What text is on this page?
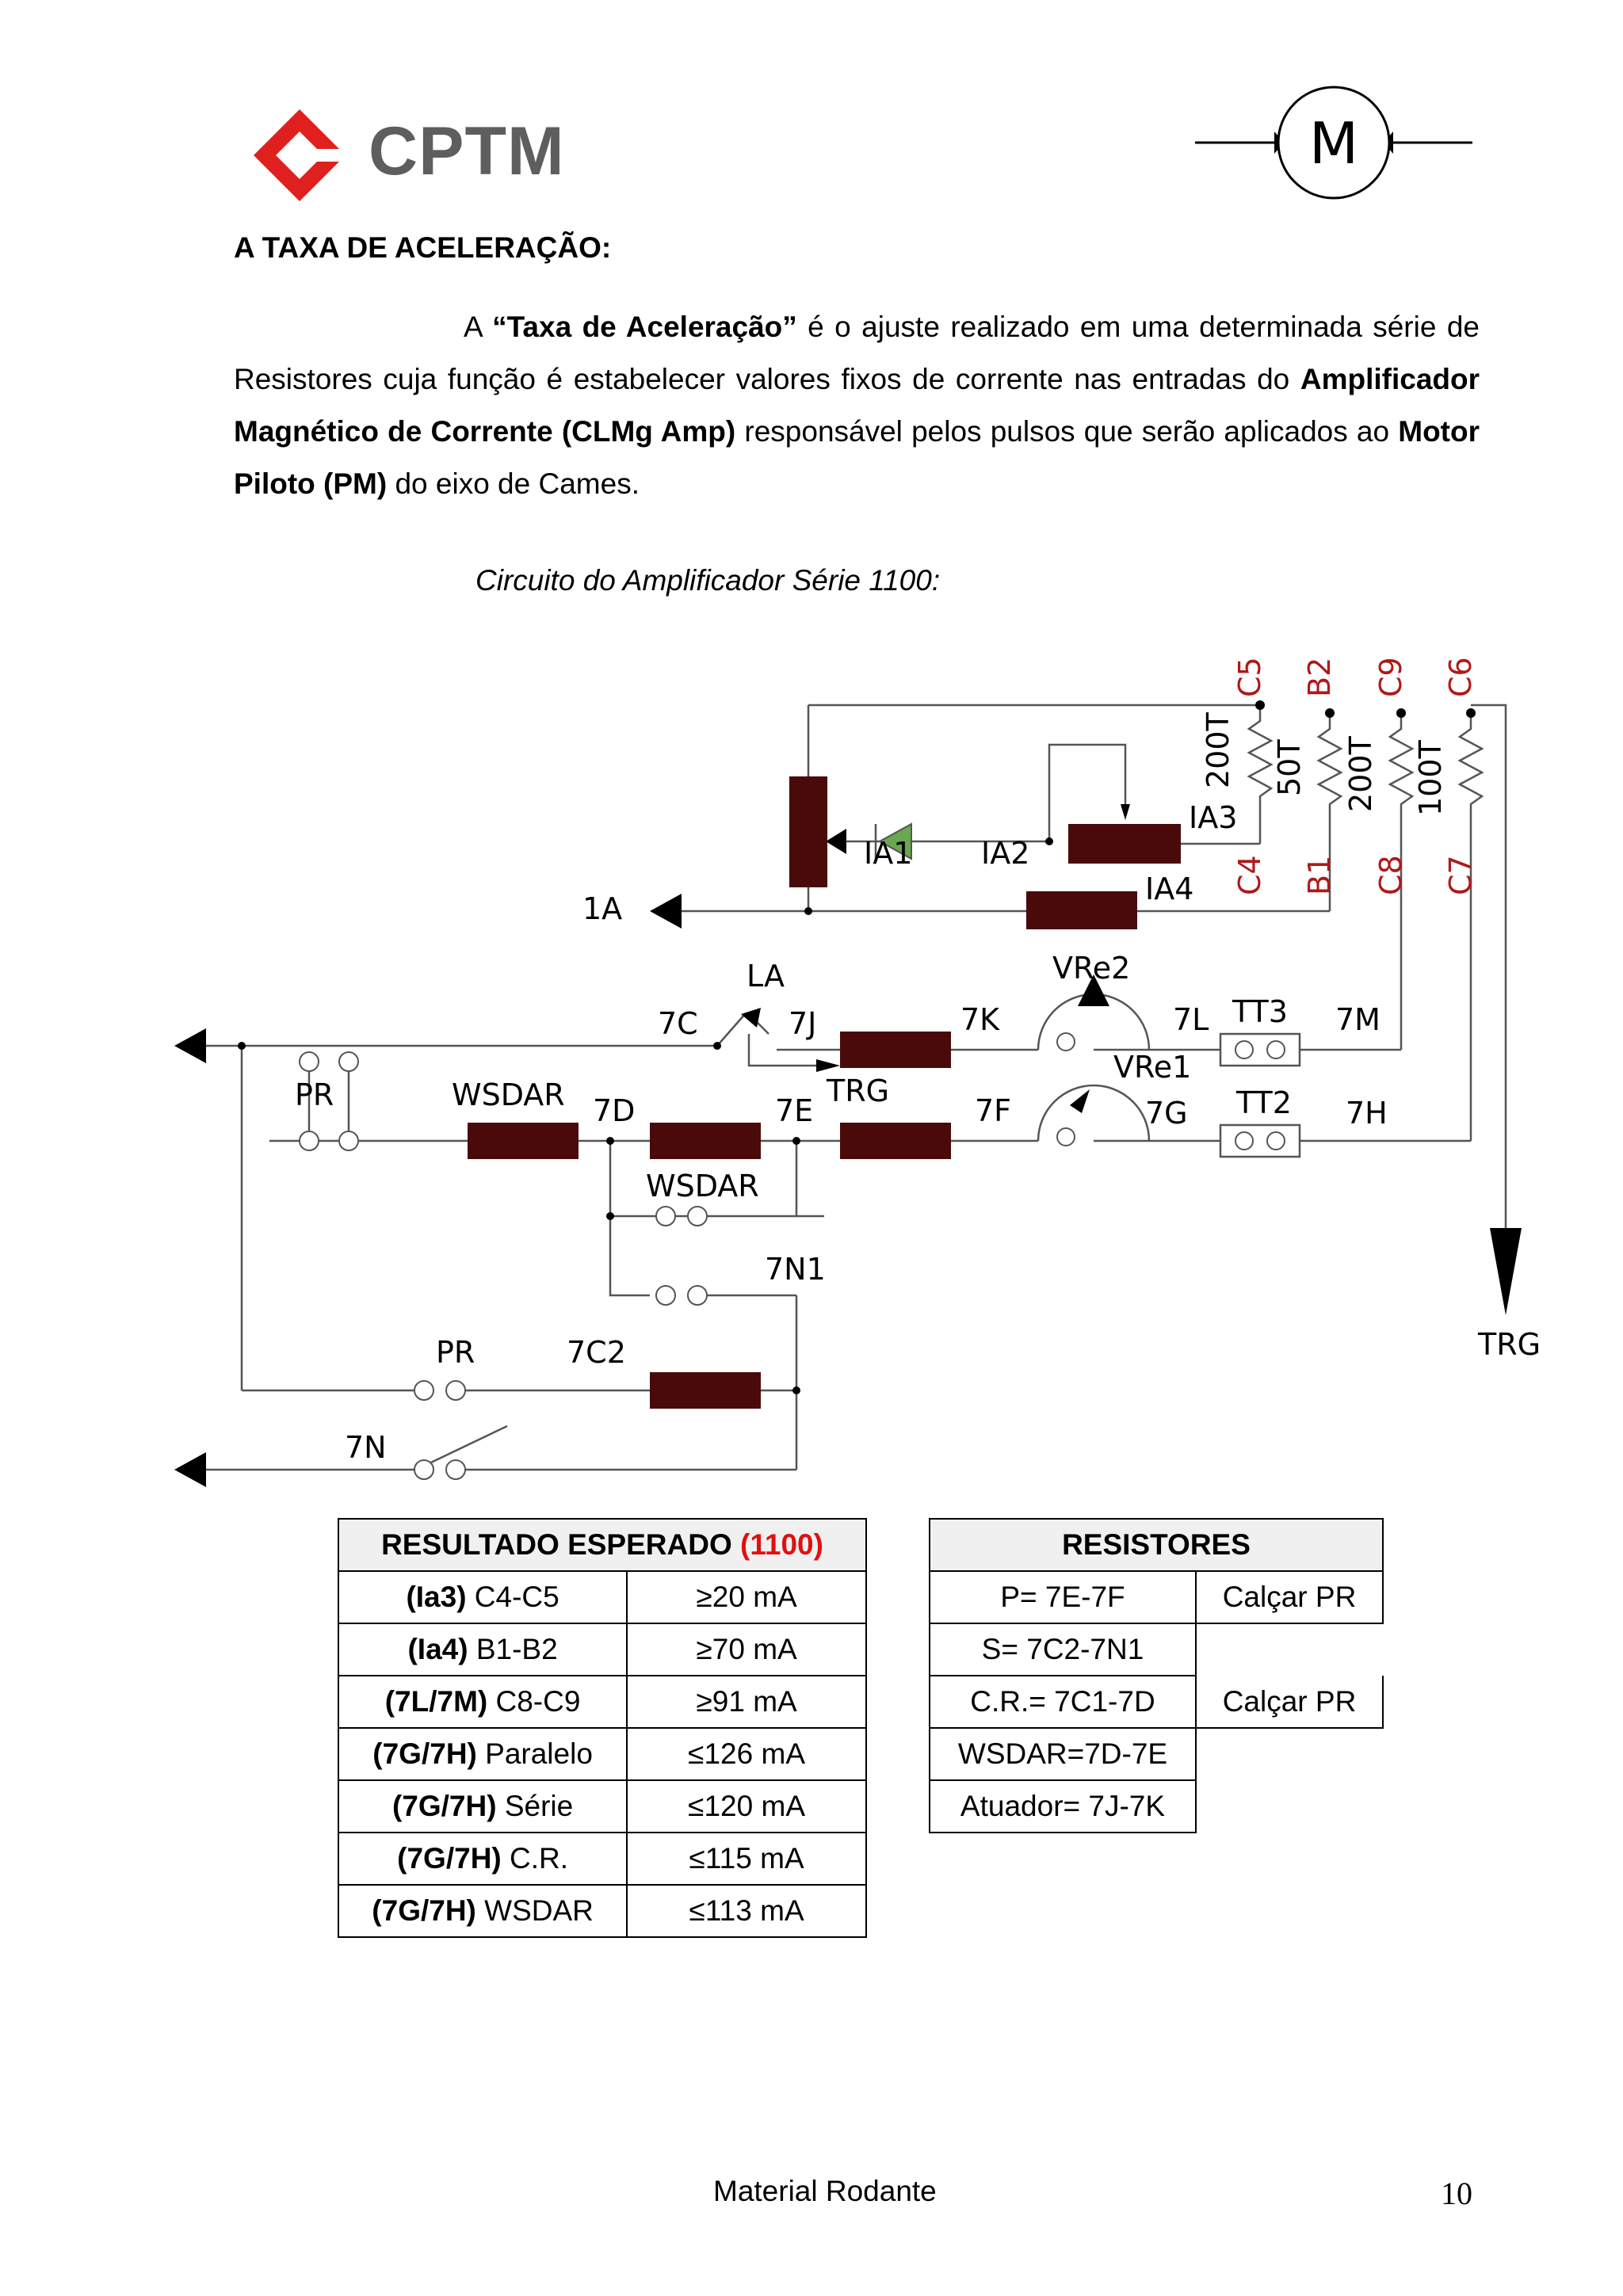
CPTM	M
A TAXA DE ACELERAÇÃO:
A “Taxa de Aceleração” é o ajuste realizado em uma determinada série de Resistores cuja função é estabelecer valores fixos de corrente nas entradas do Amplificador Magnético de Corrente (CLMg Amp) responsável pelos pulsos que serão aplicados ao Motor Piloto (PM) do eixo de Cames.
Circuito do Amplificador Série 1100:
C5 B2 C9 C6
C4 B1 C8 C7
200T 50T 200T 100T
IA1 IA2
IA3
IA4
1A
LA	VRe2
VRe1
7C	7J	7K	7L TT3 7M
PR	WSDAR 7D	7E
TRG
7F	7G TT2 7H
WSDAR
7N1
PR	7C2
7N
TRG
RESULTADO ESPERADO (1100)	
(Ia3) C4-C5	≥20 mA
(Ia4) B1-B2	≥70 mA
(7L/7M) C8-C9	≥91 mA
(7G/7H) Paralelo	≤126 mA
(7G/7H) Série	≤120 mA
(7G/7H) C.R.	≤115 mA
(7G/7H) WSDAR	≤113 mA
RESISTORES	
P= 7E-7F	Calçar PR
S= 7C2-7N1	
C.R.= 7C1-7D	Calçar PR
WSDAR=7D-7E	
Atuador= 7J-7K	
Material Rodante	10
